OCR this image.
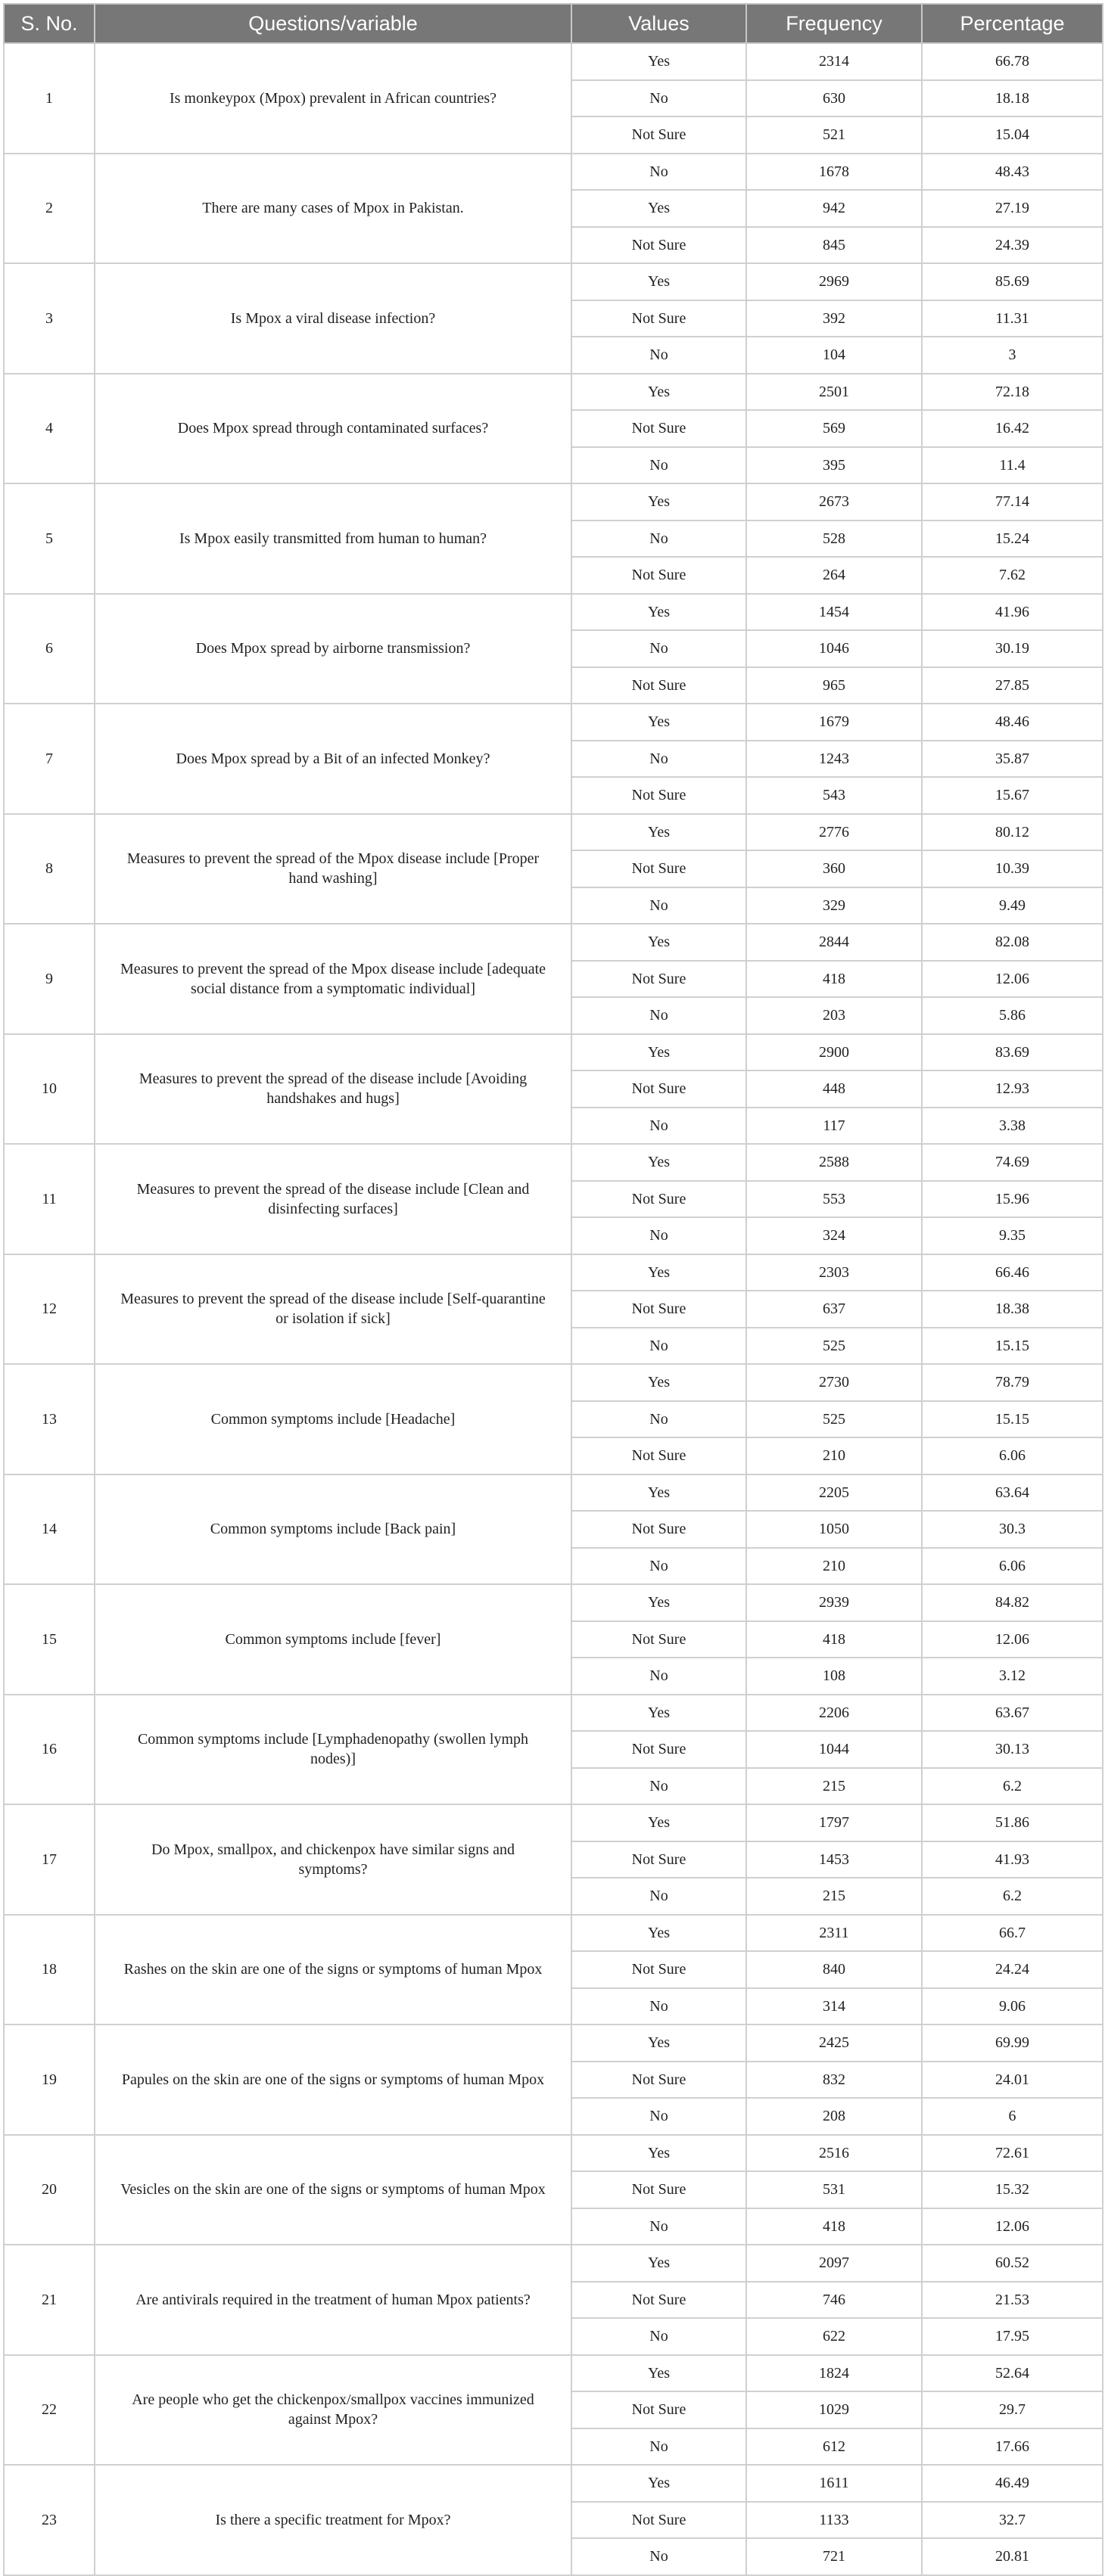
S. No.	Questions/variable	Values	Frequency	Percentage
1	Is monkeypox (Mpox) prevalent in African countries?	Yes	2314	66.78
		No	630	18.18
		Not Sure	521	15.04
2	There are many cases of Mpox in Pakistan.	No	1678	48.43
		Yes	942	27.19
		Not Sure	845	24.39
3	Is Mpox a viral disease infection?	Yes	2969	85.69
		Not Sure	392	11.31
		No	104	3
4	Does Mpox spread through contaminated surfaces?	Yes	2501	72.18
		Not Sure	569	16.42
		No	395	11.4
5	Is Mpox easily transmitted from human to human?	Yes	2673	77.14
		No	528	15.24
		Not Sure	264	7.62
6	Does Mpox spread by airborne transmission?	Yes	1454	41.96
		No	1046	30.19
		Not Sure	965	27.85
7	Does Mpox spread by a Bit of an infected Monkey?	Yes	1679	48.46
		No	1243	35.87
		Not Sure	543	15.67
8	Measures to prevent the spread of the Mpox disease include [Proper hand washing]	Yes	2776	80.12
		Not Sure	360	10.39
		No	329	9.49
9	Measures to prevent the spread of the Mpox disease include [adequate social distance from a symptomatic individual]	Yes	2844	82.08
		Not Sure	418	12.06
		No	203	5.86
10	Measures to prevent the spread of the disease include [Avoiding handshakes and hugs]	Yes	2900	83.69
		Not Sure	448	12.93
		No	117	3.38
11	Measures to prevent the spread of the disease include [Clean and disinfecting surfaces]	Yes	2588	74.69
		Not Sure	553	15.96
		No	324	9.35
12	Measures to prevent the spread of the disease include [Self-quarantine or isolation if sick]	Yes	2303	66.46
		Not Sure	637	18.38
		No	525	15.15
13	Common symptoms include [Headache]	Yes	2730	78.79
		No	525	15.15
		Not Sure	210	6.06
14	Common symptoms include [Back pain]	Yes	2205	63.64
		Not Sure	1050	30.3
		No	210	6.06
15	Common symptoms include [fever]	Yes	2939	84.82
		Not Sure	418	12.06
		No	108	3.12
16	Common symptoms include [Lymphadenopathy (swollen lymph nodes)]	Yes	2206	63.67
		Not Sure	1044	30.13
		No	215	6.2
17	Do Mpox, smallpox, and chickenpox have similar signs and symptoms?	Yes	1797	51.86
		Not Sure	1453	41.93
		No	215	6.2
18	Rashes on the skin are one of the signs or symptoms of human Mpox	Yes	2311	66.7
		Not Sure	840	24.24
		No	314	9.06
19	Papules on the skin are one of the signs or symptoms of human Mpox	Yes	2425	69.99
		Not Sure	832	24.01
		No	208	6
20	Vesicles on the skin are one of the signs or symptoms of human Mpox	Yes	2516	72.61
		Not Sure	531	15.32
		No	418	12.06
21	Are antivirals required in the treatment of human Mpox patients?	Yes	2097	60.52
		Not Sure	746	21.53
		No	622	17.95
22	Are people who get the chickenpox/smallpox vaccines immunized against Mpox?	Yes	1824	52.64
		Not Sure	1029	29.7
		No	612	17.66
23	Is there a specific treatment for Mpox?	Yes	1611	46.49
		Not Sure	1133	32.7
		No	721	20.81
